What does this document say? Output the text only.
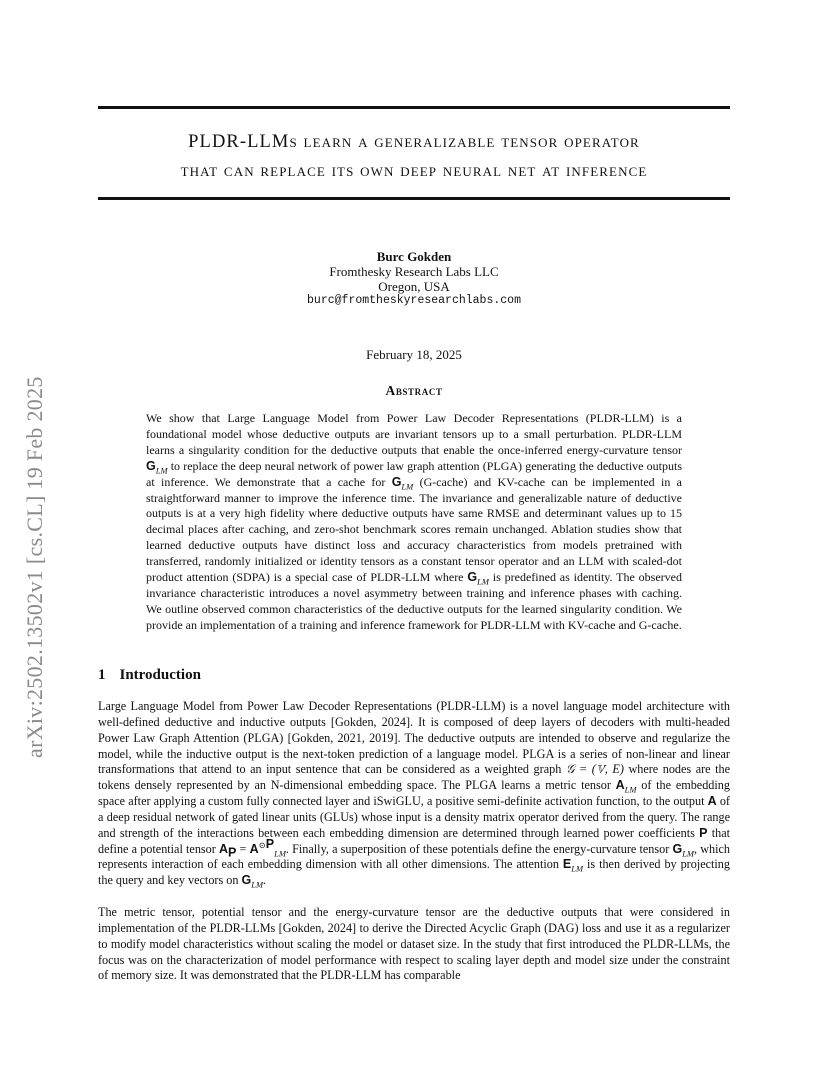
arXiv:2502.13502v1 [cs.CL] 19 Feb 2025
PLDR-LLMs learn a generalizable tensor operator
that can replace its own deep neural net at inference
Burc Gokden
Fromthesky Research Labs LLC
Oregon, USA
burc@fromtheskyresearchlabs.com
February 18, 2025
Abstract

We show that Large Language Model from Power Law Decoder Representations (PLDR-LLM) is a foundational model whose deductive outputs are invariant tensors up to a small perturbation. PLDR-LLM learns a singularity condition for the deductive outputs that enable the once-inferred energy-curvature tensor $G_{LM}$ to replace the deep neural network of power law graph attention (PLGA) generating the deductive outputs at inference. We demonstrate that a cache for $G_{LM}$ (G-cache) and KV-cache can be implemented in a straightforward manner to improve the inference time. The invariance and generalizable nature of deductive outputs is at a very high fidelity where deductive outputs have same RMSE and determinant values up to 15 decimal places after caching, and zero-shot benchmark scores remain unchanged. Ablation studies show that learned deductive outputs have distinct loss and accuracy characteristics from models pretrained with transferred, randomly initialized or identity tensors as a constant tensor operator and an LLM with scaled-dot product attention (SDPA) is a special case of PLDR-LLM where $G_{LM}$ is predefined as identity. The observed invariance characteristic introduces a novel asymmetry between training and inference phases with caching. We outline observed common characteristics of the deductive outputs for the learned singularity condition. We provide an implementation of a training and inference framework for PLDR-LLM with KV-cache and G-cache.

1 Introduction

Large Language Model from Power Law Decoder Representations (PLDR-LLM) is a novel language model architecture with well-defined deductive and inductive outputs [Gokden, 2024]. It is composed of deep layers of decoders with multi-headed Power Law Graph Attention (PLGA) [Gokden, 2021, 2019]. The deductive outputs are intended to observe and regularize the model, while the inductive output is the next-token prediction of a language model. PLGA is a series of non-linear and linear transformations that attend to an input sentence that can be considered as a weighted graph 𝒢 = (𝕍, E) where nodes are the tokens densely represented by an N-dimensional embedding space. The PLGA learns a metric tensor $A_{LM}$ of the embedding space after applying a custom fully connected layer and iSwiGLU, a positive semi-definite activation function, to the output A of a deep residual network of gated linear units (GLUs) whose input is a density matrix operator derived from the query. The range and strength of the interactions between each embedding dimension are determined through learned power coefficients P that define a potential tensor $A_P = A^{⊙P}_{LM}$. Finally, a superposition of these potentials define the energy-curvature tensor $G_{LM}$, which represents interaction of each embedding dimension with all other dimensions. The attention $E_{LM}$ is then derived by projecting the query and key vectors on $G_{LM}$.

The metric tensor, potential tensor and the energy-curvature tensor are the deductive outputs that were considered in implementation of the PLDR-LLMs [Gokden, 2024] to derive the Directed Acyclic Graph (DAG) loss and use it as a regularizer to modify model characteristics without scaling the model or dataset size. In the study that first introduced the PLDR-LLMs, the focus was on the characterization of model performance with respect to scaling layer depth and model size under the constraint of memory size. It was demonstrated that the PLDR-LLM has comparable
